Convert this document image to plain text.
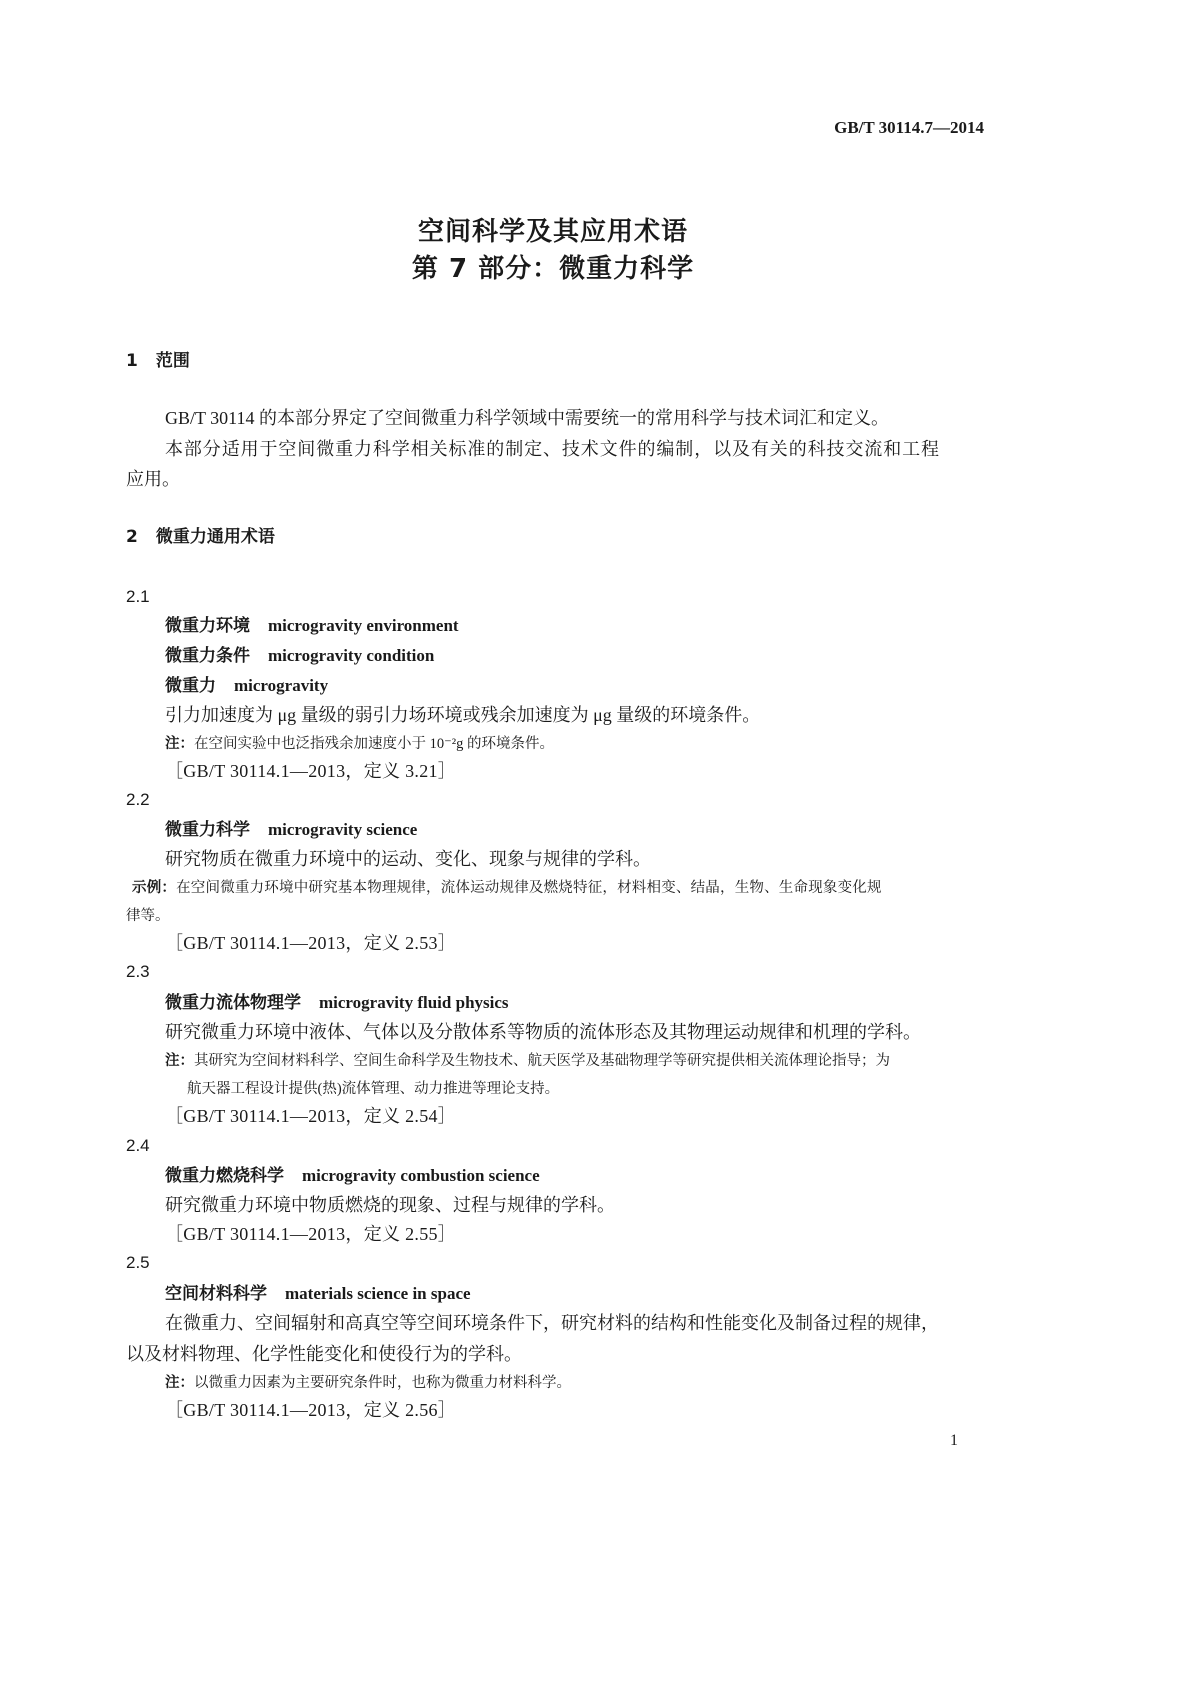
GB/T 30114.7—2014
空间科学及其应用术语
第 7 部分：微重力科学
1 范围
GB/T 30114 的本部分界定了空间微重力科学领域中需要统一的常用科学与技术词汇和定义。
本部分适用于空间微重力科学相关标准的制定、技术文件的编制，以及有关的科技交流和工程
应用。
2 微重力通用术语
2.1
微重力环境 microgravity environment
微重力条件 microgravity condition
微重力 microgravity
引力加速度为 μg 量级的弱引力场环境或残余加速度为 μg 量级的环境条件。
注：在空间实验中也泛指残余加速度小于 10⁻²g 的环境条件。
［GB/T 30114.1—2013，定义 3.21］
2.2
微重力科学 microgravity science
研究物质在微重力环境中的运动、变化、现象与规律的学科。
示例：在空间微重力环境中研究基本物理规律，流体运动规律及燃烧特征，材料相变、结晶，生物、生命现象变化规
律等。
［GB/T 30114.1—2013，定义 2.53］
2.3
微重力流体物理学 microgravity fluid physics
研究微重力环境中液体、气体以及分散体系等物质的流体形态及其物理运动规律和机理的学科。
注：其研究为空间材料科学、空间生命科学及生物技术、航天医学及基础物理学等研究提供相关流体理论指导；为
航天器工程设计提供(热)流体管理、动力推进等理论支持。
［GB/T 30114.1—2013，定义 2.54］
2.4
微重力燃烧科学 microgravity combustion science
研究微重力环境中物质燃烧的现象、过程与规律的学科。
［GB/T 30114.1—2013，定义 2.55］
2.5
空间材料科学 materials science in space
在微重力、空间辐射和高真空等空间环境条件下，研究材料的结构和性能变化及制备过程的规律，
以及材料物理、化学性能变化和使役行为的学科。
注：以微重力因素为主要研究条件时，也称为微重力材料科学。
［GB/T 30114.1—2013，定义 2.56］
1
